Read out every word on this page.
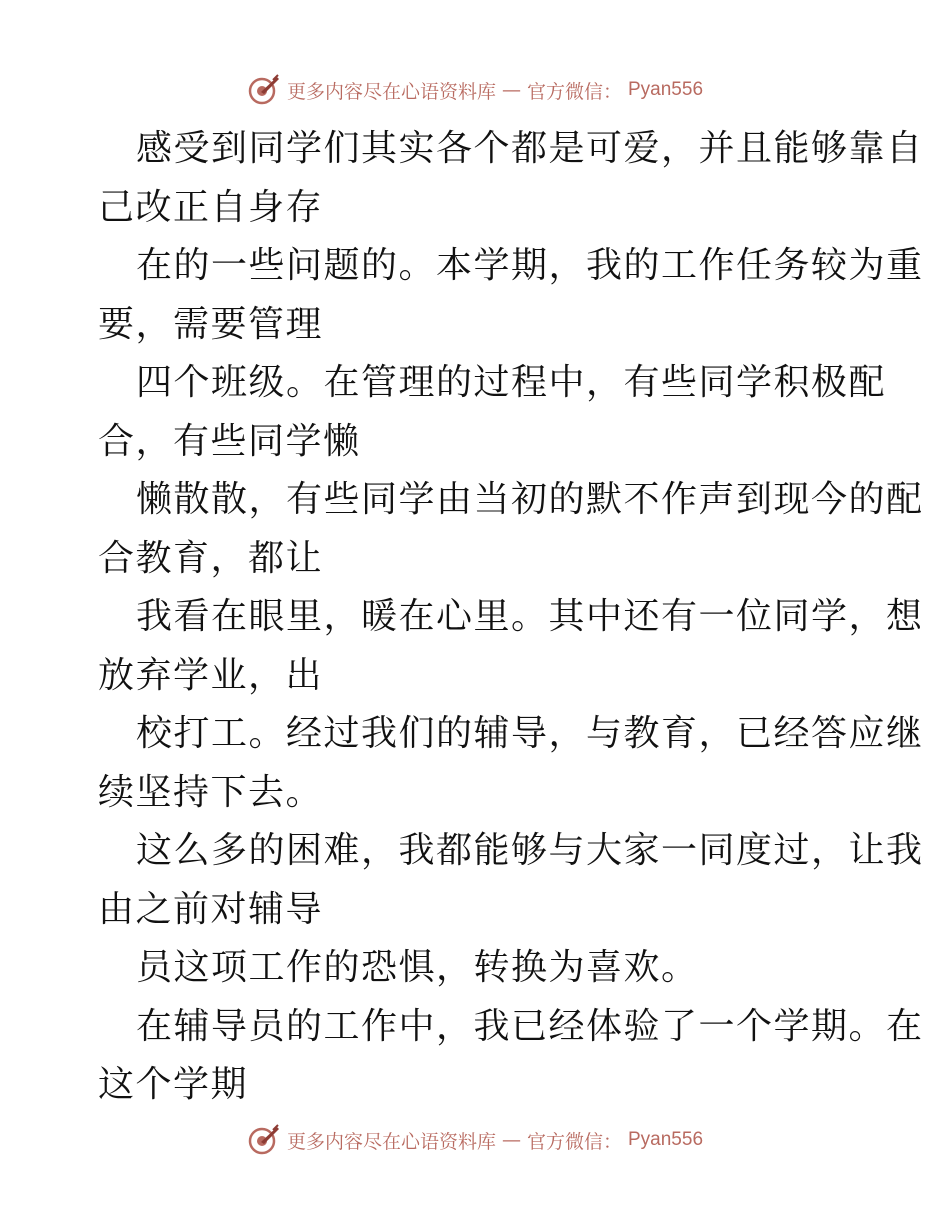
更多内容尽在心语资料库 — 官方微信： Pyan556
感受到同学们其实各个都是可爱，并且能够靠自
己改正自身存
在的一些问题的。本学期，我的工作任务较为重
要，需要管理
四个班级。在管理的过程中，有些同学积极配
合，有些同学懒
懒散散，有些同学由当初的默不作声到现今的配
合教育，都让
我看在眼里，暖在心里。其中还有一位同学，想
放弃学业，出
校打工。经过我们的辅导，与教育，已经答应继
续坚持下去。
这么多的困难，我都能够与大家一同度过，让我
由之前对辅导
员这项工作的恐惧，转换为喜欢。
在辅导员的工作中，我已经体验了一个学期。在
这个学期
更多内容尽在心语资料库 — 官方微信： Pyan556
